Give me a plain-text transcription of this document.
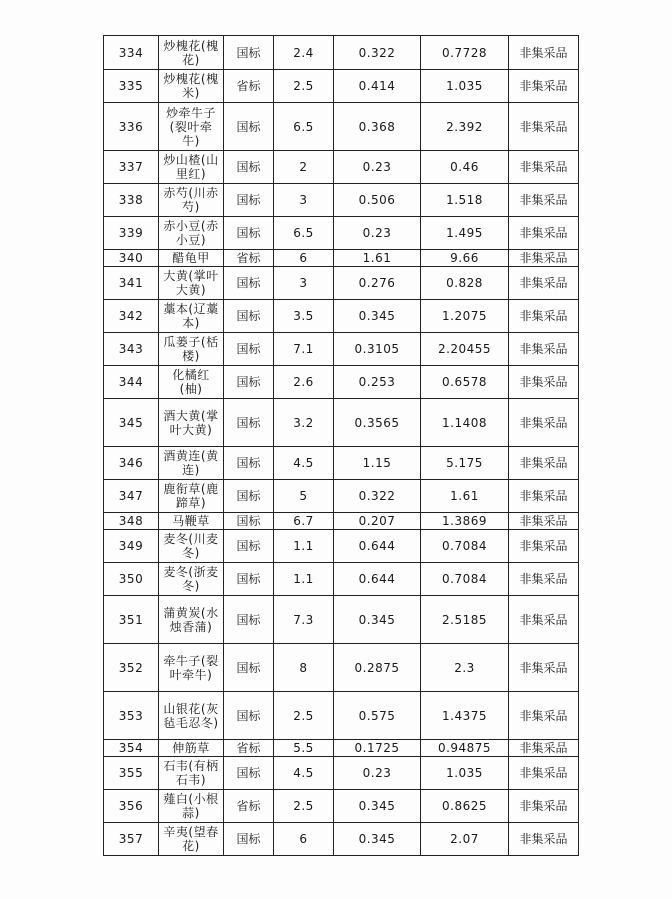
334	炒槐花(槐花)	国标	2.4	0.322	0.7728	非集采品
335	炒槐花(槐米)	省标	2.5	0.414	1.035	非集采品
336	炒牵牛子(裂叶牵牛)	国标	6.5	0.368	2.392	非集采品
337	炒山楂(山里红)	国标	2	0.23	0.46	非集采品
338	赤芍(川赤芍)	国标	3	0.506	1.518	非集采品
339	赤小豆(赤小豆)	国标	6.5	0.23	1.495	非集采品
340	醋龟甲	省标	6	1.61	9.66	非集采品
341	大黄(掌叶大黄)	国标	3	0.276	0.828	非集采品
342	藁本(辽藁本)	国标	3.5	0.345	1.2075	非集采品
343	瓜蒌子(栝楼)	国标	7.1	0.3105	2.20455	非集采品
344	化橘红(柚)	国标	2.6	0.253	0.6578	非集采品
345	酒大黄(掌叶大黄)	国标	3.2	0.3565	1.1408	非集采品
346	酒黄连(黄连)	国标	4.5	1.15	5.175	非集采品
347	鹿衔草(鹿蹄草)	国标	5	0.322	1.61	非集采品
348	马鞭草	国标	6.7	0.207	1.3869	非集采品
349	麦冬(川麦冬)	国标	1.1	0.644	0.7084	非集采品
350	麦冬(浙麦冬)	国标	1.1	0.644	0.7084	非集采品
351	蒲黄炭(水烛香蒲)	国标	7.3	0.345	2.5185	非集采品
352	牵牛子(裂叶牵牛)	国标	8	0.2875	2.3	非集采品
353	山银花(灰毡毛忍冬)	国标	2.5	0.575	1.4375	非集采品
354	伸筋草	省标	5.5	0.1725	0.94875	非集采品
355	石韦(有柄石韦)	国标	4.5	0.23	1.035	非集采品
356	薤白(小根蒜)	省标	2.5	0.345	0.8625	非集采品
357	辛夷(望春花)	国标	6	0.345	2.07	非集采品
